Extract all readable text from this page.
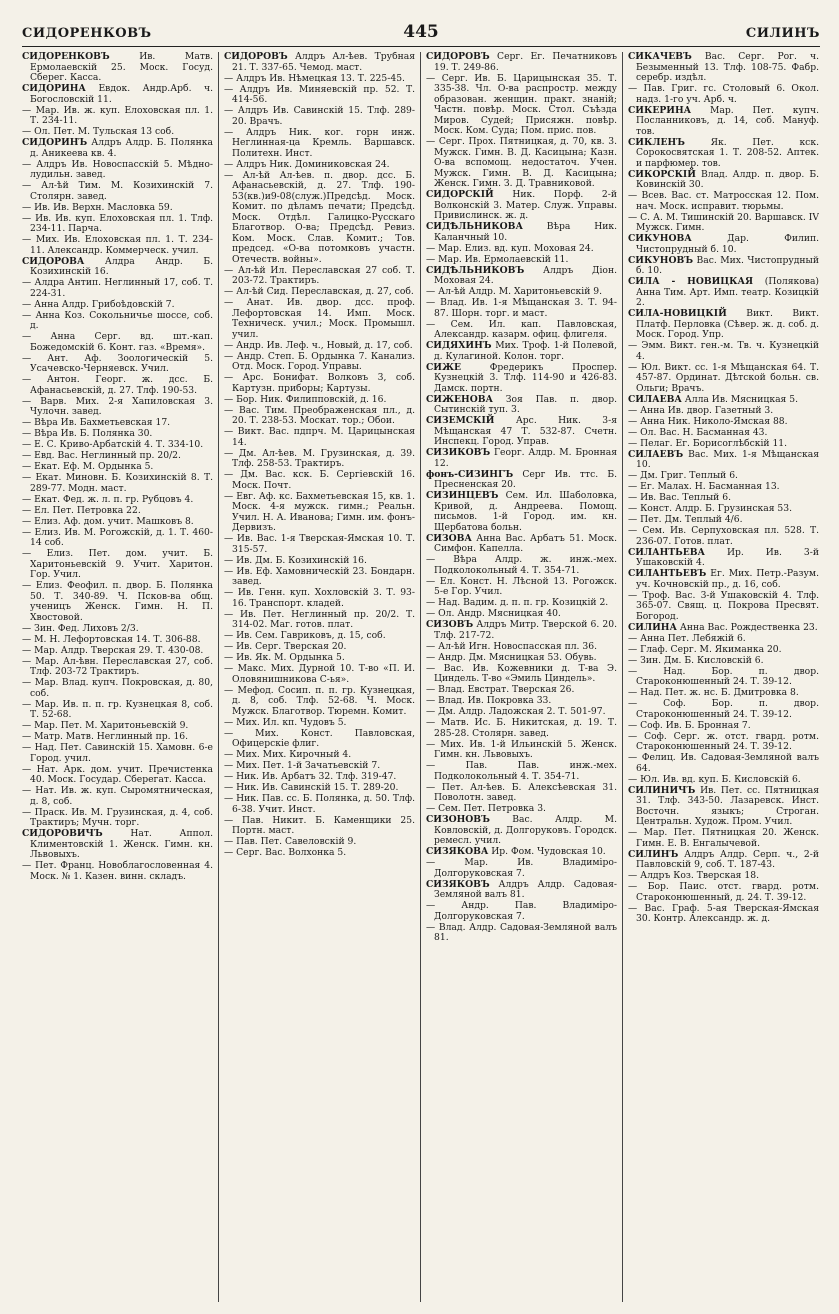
СИДОРЕНКОВЪ	445	СИЛИНЪ
СИДОРЕНКОВЪ	Ив. Матв. Ермолаевскiй 25. Моск. Госуд. Сберег. Касса.
СИДОРИНА Евдок. Андр.Арб. ч. Богословскiй 11.
— Мар. Ив. ж. куп. Елоховская пл. 1. Т. 234-11.
— Ол. Пет. М. Тульская 13 соб.
СИДОРИНЪ Алдръ Алдр. Б. Полянка д. Аникеева кв. 4.
— Алдръ Ив. Новоспасскiй 5. Мѣдно-лудильн. завед.
— Ал-ѣй Тим. М. Козихинскiй 7. Столярн. завед.
— Ив. Ив. Верхн. Масловка 59.
— Ив. Ив. куп. Елоховская пл. 1. Тлф. 234-11. Парча.
— Мих. Ив. Елоховская пл. 1. Т. 234-11. Александр. Коммерческ. учил.
СИДОРОВА Алдра Андр. Б. Козихинскiй 16.
— Алдра Антип. Неглинный 17, соб. Т. 224-31.
— Анна Алдр. Грибоѣдовскiй 7.
— Анна Коз. Сокольничье шоссе, соб. д.
— Анна Серг. вд. шт.-кап. Божедомскiй 6. Конт. газ. «Время».
— Ант. Аф. Зоологическiй 5. Усачевско-Черняевск. Учил.
— Антон. Георг. ж. дсс. Б. Афанасьевскiй, д. 27. Тлф. 190-53.
— Варв. Мих. 2-я Хапиловская 3. Чулочн. завед.
— Вѣра Ив. Бахметьевская 17.
— Вѣра Ив. Б. Полянка 30.
— Е. С. Криво-Арбатскiй 4. Т. 334-10.
— Евд. Вас. Неглинный пр. 20/2.
— Екат. Еф. М. Ордынка 5.
— Екат. Миновн. Б. Козихинскiй 8. Т. 289-77. Модн. маст.
— Екат. Фед. ж. л. п. гр. Рубцовъ 4.
— Ел. Пет. Петровка 22.
— Елиз. Аф. дом. учит. Машковъ 8.
— Елиз. Ив. М. Рогожскiй, д. 1. Т. 460-14 соб.
— Елиз. Пет. дом. учит. Б. Харитоньевскiй 9. Учит. Харитон. Гор. Учил.
— Елиз. Феофил. п. двор. Б. Полянка 50. Т. 340-89. Ч. Псков-ва общ. ученицъ Женск. Гимн. Н. П. Хвостовой.
— Зин. Фед. Лиховъ 2/3.
— М. Н. Лефортовская 14. Т. 306-88.
— Мар. Алдр. Тверская 29. Т. 430-08.
— Мар. Ал-ѣвн. Переславская 27, соб. Тлф. 203-72 Трактиръ.
— Мар. Влад. купч. Покровская, д. 80, соб.
— Мар. Ив. п. п. гр. Кузнецкая 8, соб. Т. 52-68.
— Мар. Пет. М. Харитоньевскiй 9.
— Матр. Матв. Неглинный пр. 16.
— Над. Пет. Савинскiй 15. Хамовн. 6-е Город. учил.
— Нат. Арк. дом. учит. Пречистенка 40. Моск. Государ. Сберегат. Касса.
— Нат. Ив. ж. куп. Сыромятническая, д. 8, соб.
— Праск. Ив. М. Грузинская, д. 4, соб. Трактиръ; Мучн. торг.
СИДОРОВИЧЪ	Нат. Аппол. Климентовскiй 1. Женск. Гимн. кн. Львовыхъ.
— Пет. Франц. Новоблагословенная 4. Моск. № 1. Казен. винн. складъ.
СИДОРОВЪ Алдръ Ал-ѣев. Трубная 21. Т. 337-65. Чемод. маст.
— Алдръ Ив. Нѣмецкая 13. Т. 225-45.
— Алдръ Ив. Миняевскiй пр. 52. Т. 414-56.
— Алдръ Ив. Савинскiй 15. Тлф. 289-20. Врачъ.
— Алдръ Ник. ког. горн инж. Неглинная-ца Кремль. Варшавск. Политехн. Инст.
— Алдръ Ник. Доминиковская 24.
— Ал-ѣй Ал-ѣев. п. двор. дсс. Б. Афанасьевскiй, д. 27. Тлф. 190-53(кв.)и9-08(служ.)Предсѣд. Моск. Комит. по дѣламъ печати; Предсѣд. Моск. Отдѣл. Галицко-Русскаго Благотвор. О-ва; Предсѣд. Ревиз. Ком. Моск. Слав. Комит.; Тов. председ. «О-ва потомковъ участн. Отечеств. войны».
— Ал-ѣй Ил. Переславская 27 соб. Т. 203-72. Трактиръ.
— Ал-ѣй Сид. Переславская, д. 27, соб.
— Анат. Ив. двор. дсс. проф. Лефортовская 14. Имп. Моск. Техническ. учил.; Моск. Промышл. учил.
— Андр. Ив. Леф. ч., Новый, д. 17, соб.
— Андр. Степ. Б. Ордынка 7. Канализ. Отд. Моск. Город. Управы.
— Арс. Бонифат. Волковъ 3, соб. Картузн. приборы; Картузы.
— Бор. Ник. Филипповскiй, д. 16.
— Вас. Тим. Преображенская пл., д. 20. Т. 238-53. Москат. тор.; Обои.
— Викт. Вас. пдпрч. М. Царицынская 14.
— Дм. Ал-ѣев. М. Грузинская, д. 39. Тлф. 258-53. Трактиръ.
— Дм. Вас. кск. Б. Сергiевскiй 16. Моск. Почт.
— Евг. Аф. кс. Бахметьевская 15, кв. 1. Моск. 4-я мужск. гимн.; Реальн. Учил. Н. А. Иванова; Гимн. им. фонъ-Дервизъ.
— Ив. Вас. 1-я Тверская-Ямская 10. Т. 315-57.
— Ив. Дм. Б. Козихинскiй 16.
— Ив. Еф. Хамовническiй 23. Бондарн. завед.
— Ив. Генн. куп. Хохловскiй 3. Т. 93-16. Транспорт. кладей.
— Ив. Пет. Неглинный пр. 20/2. Т. 314-02. Маг. готов. плат.
— Ив. Сем. Гавриковъ, д. 15, соб.
— Ив. Серг. Тверская 20.
— Ив. Як. М. Ордынка 5.
— Макс. Мих. Дурной 10. Т-во «П. И. Оловянишникова С-ья».
— Мефод. Сосип. п. п. гр. Кузнецкая, д. 8, соб. Тлф. 52-68. Ч. Моск. Мужск. Благотвор. Тюремн. Комит.
— Мих. Ил. кп. Чудовъ 5.
— Мих. Конст. Павловская, Офицерскiе флиг.
— Мих. Мих. Кирочный 4.
— Мих. Пет. 1-й Зачатьевскiй 7.
— Ник. Ив. Арбатъ 32. Тлф. 319-47.
— Ник. Ив. Савинскiй 15. Т. 289-20.
— Ник. Пав. сс. Б. Полянка, д. 50. Тлф. 6-38. Учит. Инст.
— Пав. Никит. Б. Каменщики 25. Портн. маст.
— Пав. Пет. Савеловскiй 9.
— Серг. Вас. Волхонка 5.
СИДОРОВЪ Серг. Ег. Печатниковъ 19. Т. 249-86.
— Серг. Ив. Б. Царицынская 35. Т. 335-38. Чл. О-ва распростр. между образован. женщин. практ. знанiй; Частн. повѣр. Моск. Стол. Съѣзда Миров. Судей; Присяжн. повѣр. Моск. Ком. Суда; Пом. прис. пов.
— Серг. Прох. Пятницкая, д. 70, кв. 3. Мужск. Гимн. В. Д. Касицына; Казн. О-ва вспомощ. недостаточ. Учен. Мужск. Гимн. В. Д. Касицына; Женск. Гимн. З. Д. Травниковой.
СИДОРСКIЙ Ник. Порф. 2-й Волконскiй 3. Матер. Служ. Управы. Привислинск. ж. д.
СИДѢЛЬНИКОВА	Вѣра Ник. Каланчный 10.
— Мар. Елиз. вд. куп. Моховая 24.
— Мар. Ив. Ермолаевскiй 11.
СИДѢЛЬНИКОВЪ Алдръ Дiон. Моховая 24.
— Ал-ѣй Алдр. М. Харитоньевскiй 9.
— Влад. Ив. 1-я Мѣщанская 3. Т. 94-87. Шорн. торг. и маст.
— Сем. Ил. кап. Павловская, Александр. казарм. офиц. флигеля.
СИДЯХИНЪ Мих. Троф. 1-й Полевой, д. Кулагиной. Колон. торг.
СИЖЕ	Фредерикъ Проспер. Кузнецкiй 3. Тлф. 114-90 и 426-83. Дамск. портн.
СИЖЕНОВА Зоя Пав. п. двор. Сытинскiй туп. 3.
СИЗЕМСКIЙ Арс. Ник. 3-я Мѣщанская 47 Т. 532-87. Счетн. Инспекц. Город. Управ.
СИЗИКОВЪ Георг. Алдр. М. Бронная 12.
фонъ-СИЗИНГЪ Серг Ив. ттс. Б. Пресненская 20.
СИЗИНЦЕВЪ Сем. Ил. Шаболовка, Кривой, д. Андреева. Помощ. письмов. 1-й Город. им. кн. Щербатова больн.
СИЗОВА Анна Вас. Арбатъ 51. Моск. Симфон. Капелла.
— Вѣра Алдр. ж. инж.-мех. Подколокольный 4. Т. 354-71.
— Ел. Конст. Н. Лѣсной 13. Рогожск. 5-е Гор. Учил.
— Над. Вадим. д. п. п. гр. Козицкiй 2.
— Ол. Андр. Мясницкая 40.
СИЗОВЪ Алдръ Митр. Тверской 6. 20. Тлф. 217-72.
— Ал-ѣй Игн. Новоспасская пл. 36.
— Андр. Дм. Мясницкая 53. Обувь.
— Вас. Ив. Кожевники д. Т-ва Э. Циндель. Т-во «Эмиль Циндель».
— Влад. Евстрат. Тверская 26.
— Влад. Ив. Покровка 33.
— Дм. Алдр. Ладожская 2. Т. 501-97.
— Матв. Ис. Б. Никитская, д. 19. Т. 285-28. Столярн. завед.
— Мих. Ив. 1-й Ильинскiй 5. Женск. Гимн. кн. Львовыхъ.
— Пав. Пав. инж.-мех. Подколокольный 4. Т. 354-71.
— Пет. Ал-ѣев. Б. Алексѣевская 31. Поволотн. завед.
— Сем. Пет. Петровка 3.
СИЗОНОВЪ Вас. Алдр. М. Ковловскiй, д. Долгоруковъ. Городск. ремесл. учил.
СИЗЯКОВА Ир. Фом. Чудовская 10.
— Мар. Ив. Владимiро-Долгоруковская 7.
СИЗЯКОВЪ Алдръ Алдр. Садовая-Земляной валъ 81.
— Андр. Пав. Владимiро-Долгоруковская 7.
— Влад. Алдр. Садовая-Земляной валъ 81.
СИКАЧЕВЪ Вас. Серг. Рог. ч. Безыменный 13. Тлф. 108-75. Фабр. серебр. издѣл.
— Пав. Григ. гс. Столовый 6. Окол. надз. 1-го уч. Арб. ч.
СИКЕРИНА Мар. Пет. купч. Посланниковъ, д. 14, соб. Мануф. тов.
СИКЛЕНЪ	Як. Пет. кск. Сорокосвятская 1. Т. 208-52. Аптек. и парфюмер. тов.
СИКОРСКIЙ Влад. Алдр. п. двор. Б. Ковинскiй 30.
— Всев. Вас. ст. Матросская 12. Пом. нач. Моск. исправит. тюрьмы.
— С. А. М. Тишинскiй 20. Варшавск. IV Мужск. Гимн.
СИКУНОВА	Дар. Филип. Чистопрудный б. 10.
СИКУНОВЪ Вас. Мих. Чистопрудный б. 10.
СИЛА - НОВИЦКАЯ (Полякова) Анна Тим. Арт. Имп. театр. Козицкiй 2.
СИЛА-НОВИЦКIЙ Викт. Викт. Платф. Перловка (Сѣвер. ж. д. соб. д. Моск. Город. Упр.
— Эмм. Викт. ген.-м. Тв. ч. Кузнецкiй 4.
— Юл. Викт. сс. 1-я Мѣщанская 64. Т. 457-87. Ординат. Дѣтской больн. св. Ольги; Врачъ.
СИЛАЕВА Алла Ив. Мясницкая 5.
— Анна Ив. двор. Газетный 3.
— Анна Ник. Николо-Ямская 88.
— Ол. Вас. Н. Басманная 43.
— Пелаг. Ег. Борисоглѣбскiй 11.
СИЛАЕВЪ Вас. Мих. 1-я Мѣщанская 10.
— Дм. Григ. Теплый 6.
— Ег. Малах. Н. Басманная 13.
— Ив. Вас. Теплый 6.
— Конст. Алдр. Б. Грузинская 53.
— Пет. Дм. Теплый 4/6.
— Сем. Ив. Серпуховская пл. 528. Т. 236-07. Готов. плат.
СИЛАНТЬЕВА Ир. Ив. 3-й Ушаковскiй 4.
СИЛАНТЬЕВЪ Ег. Мих. Петр.-Разум. уч. Кочновскiй пр., д. 16, соб.
— Троф. Вас. 3-й Ушаковскiй 4. Тлф. 365-07. Свящ. ц. Покрова Пресвят. Богород.
СИЛИНА Анна Вас. Рождественка 23.
— Анна Пет. Лебяжiй 6.
— Глаф. Серг. М. Якиманка 20.
— Зин. Дм. Б. Кисловскiй 6.
— Над. Бор. п. двор. Староконюшенный 24. Т. 39-12.
— Над. Пет. ж. нс. Б. Дмитровка 8.
— Соф. Бор. п. двор. Староконюшенный 24. Т. 39-12.
— Соф. Ив. Б. Бронная 7.
— Соф. Серг. ж. отст. гвард. ротм. Староконюшенный 24. Т. 39-12.
— Фелиц. Ив. Садовая-Земляной валъ 64.
— Юл. Ив. вд. куп. Б. Кисловскiй 6.
СИЛИНИЧЪ Ив. Пет. сс. Пятницкая 31. Тлф. 343-50. Лазаревск. Инст. Восточн. языкъ; Строган. Центральн. Худож. Пром. Учил.
— Мар. Пет. Пятницкая 20. Женск. Гимн. Е. В. Енгалычевой.
СИЛИНЪ Алдръ Алдр. Серп. ч., 2-й Павловскiй 9, соб. Т. 187-43.
— Алдръ Коз. Тверская 18.
— Бор. Паис. отст. гвард. ротм. Староконюшенный, д. 24. Т. 39-12.
— Вас. Граф. 5-ая Тверская-Ямская 30. Контр. Александр. ж. д.
